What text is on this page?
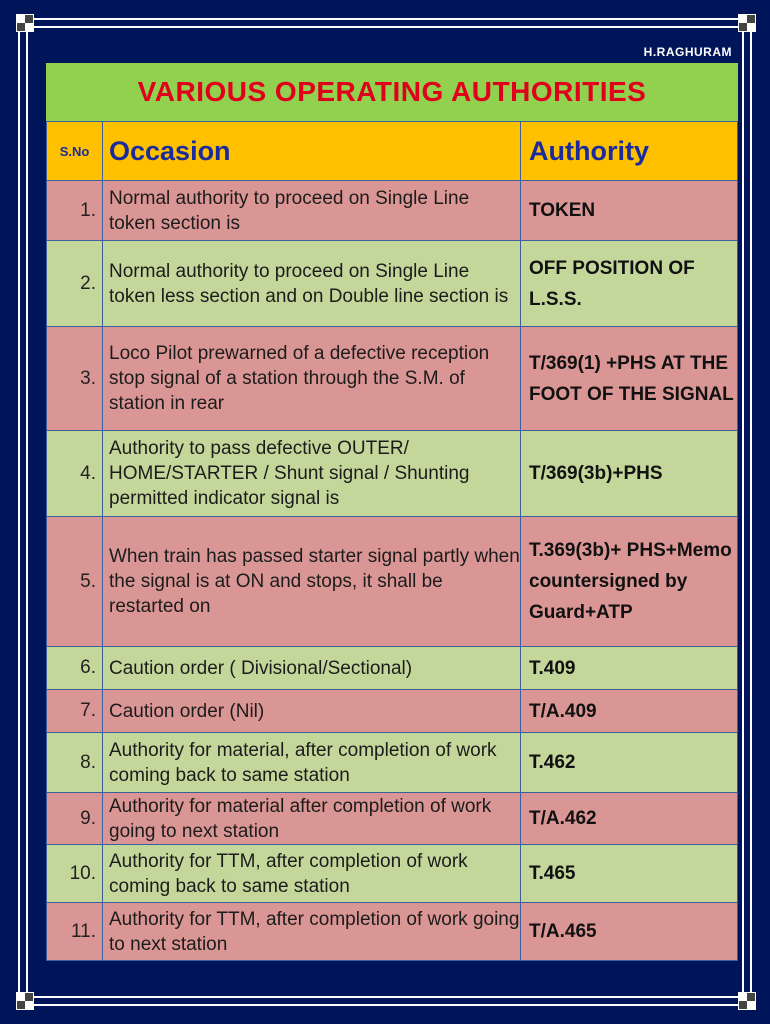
H.RAGHURAM
VARIOUS OPERATING AUTHORITIES
S.No	Occasion	Authority
1.	Normal authority to proceed on Single Line token section is	TOKEN
2.	Normal authority to proceed on Single Line token less section and on Double line section is	OFF POSITION OF L.S.S.
3.	Loco Pilot prewarned of a defective reception stop signal of a station through the S.M. of station in rear	T/369(1) +PHS AT THE FOOT OF THE SIGNAL
4.	Authority to pass defective OUTER/ HOME/STARTER / Shunt signal / Shunting permitted indicator signal is	T/369(3b)+PHS
5.	When train has passed starter signal partly when the signal is at ON and stops, it shall be restarted on	T.369(3b)+ PHS+Memo countersigned by Guard+ATP
6.	Caution order ( Divisional/Sectional)	T.409
7.	Caution order (Nil)	T/A.409
8.	Authority for material, after completion of work coming back to same station	T.462
9.	Authority for material after completion of work going to next station	T/A.462
10.	Authority for TTM, after completion of work coming back to same station	T.465
11.	Authority for TTM, after completion of work going to next station	T/A.465
